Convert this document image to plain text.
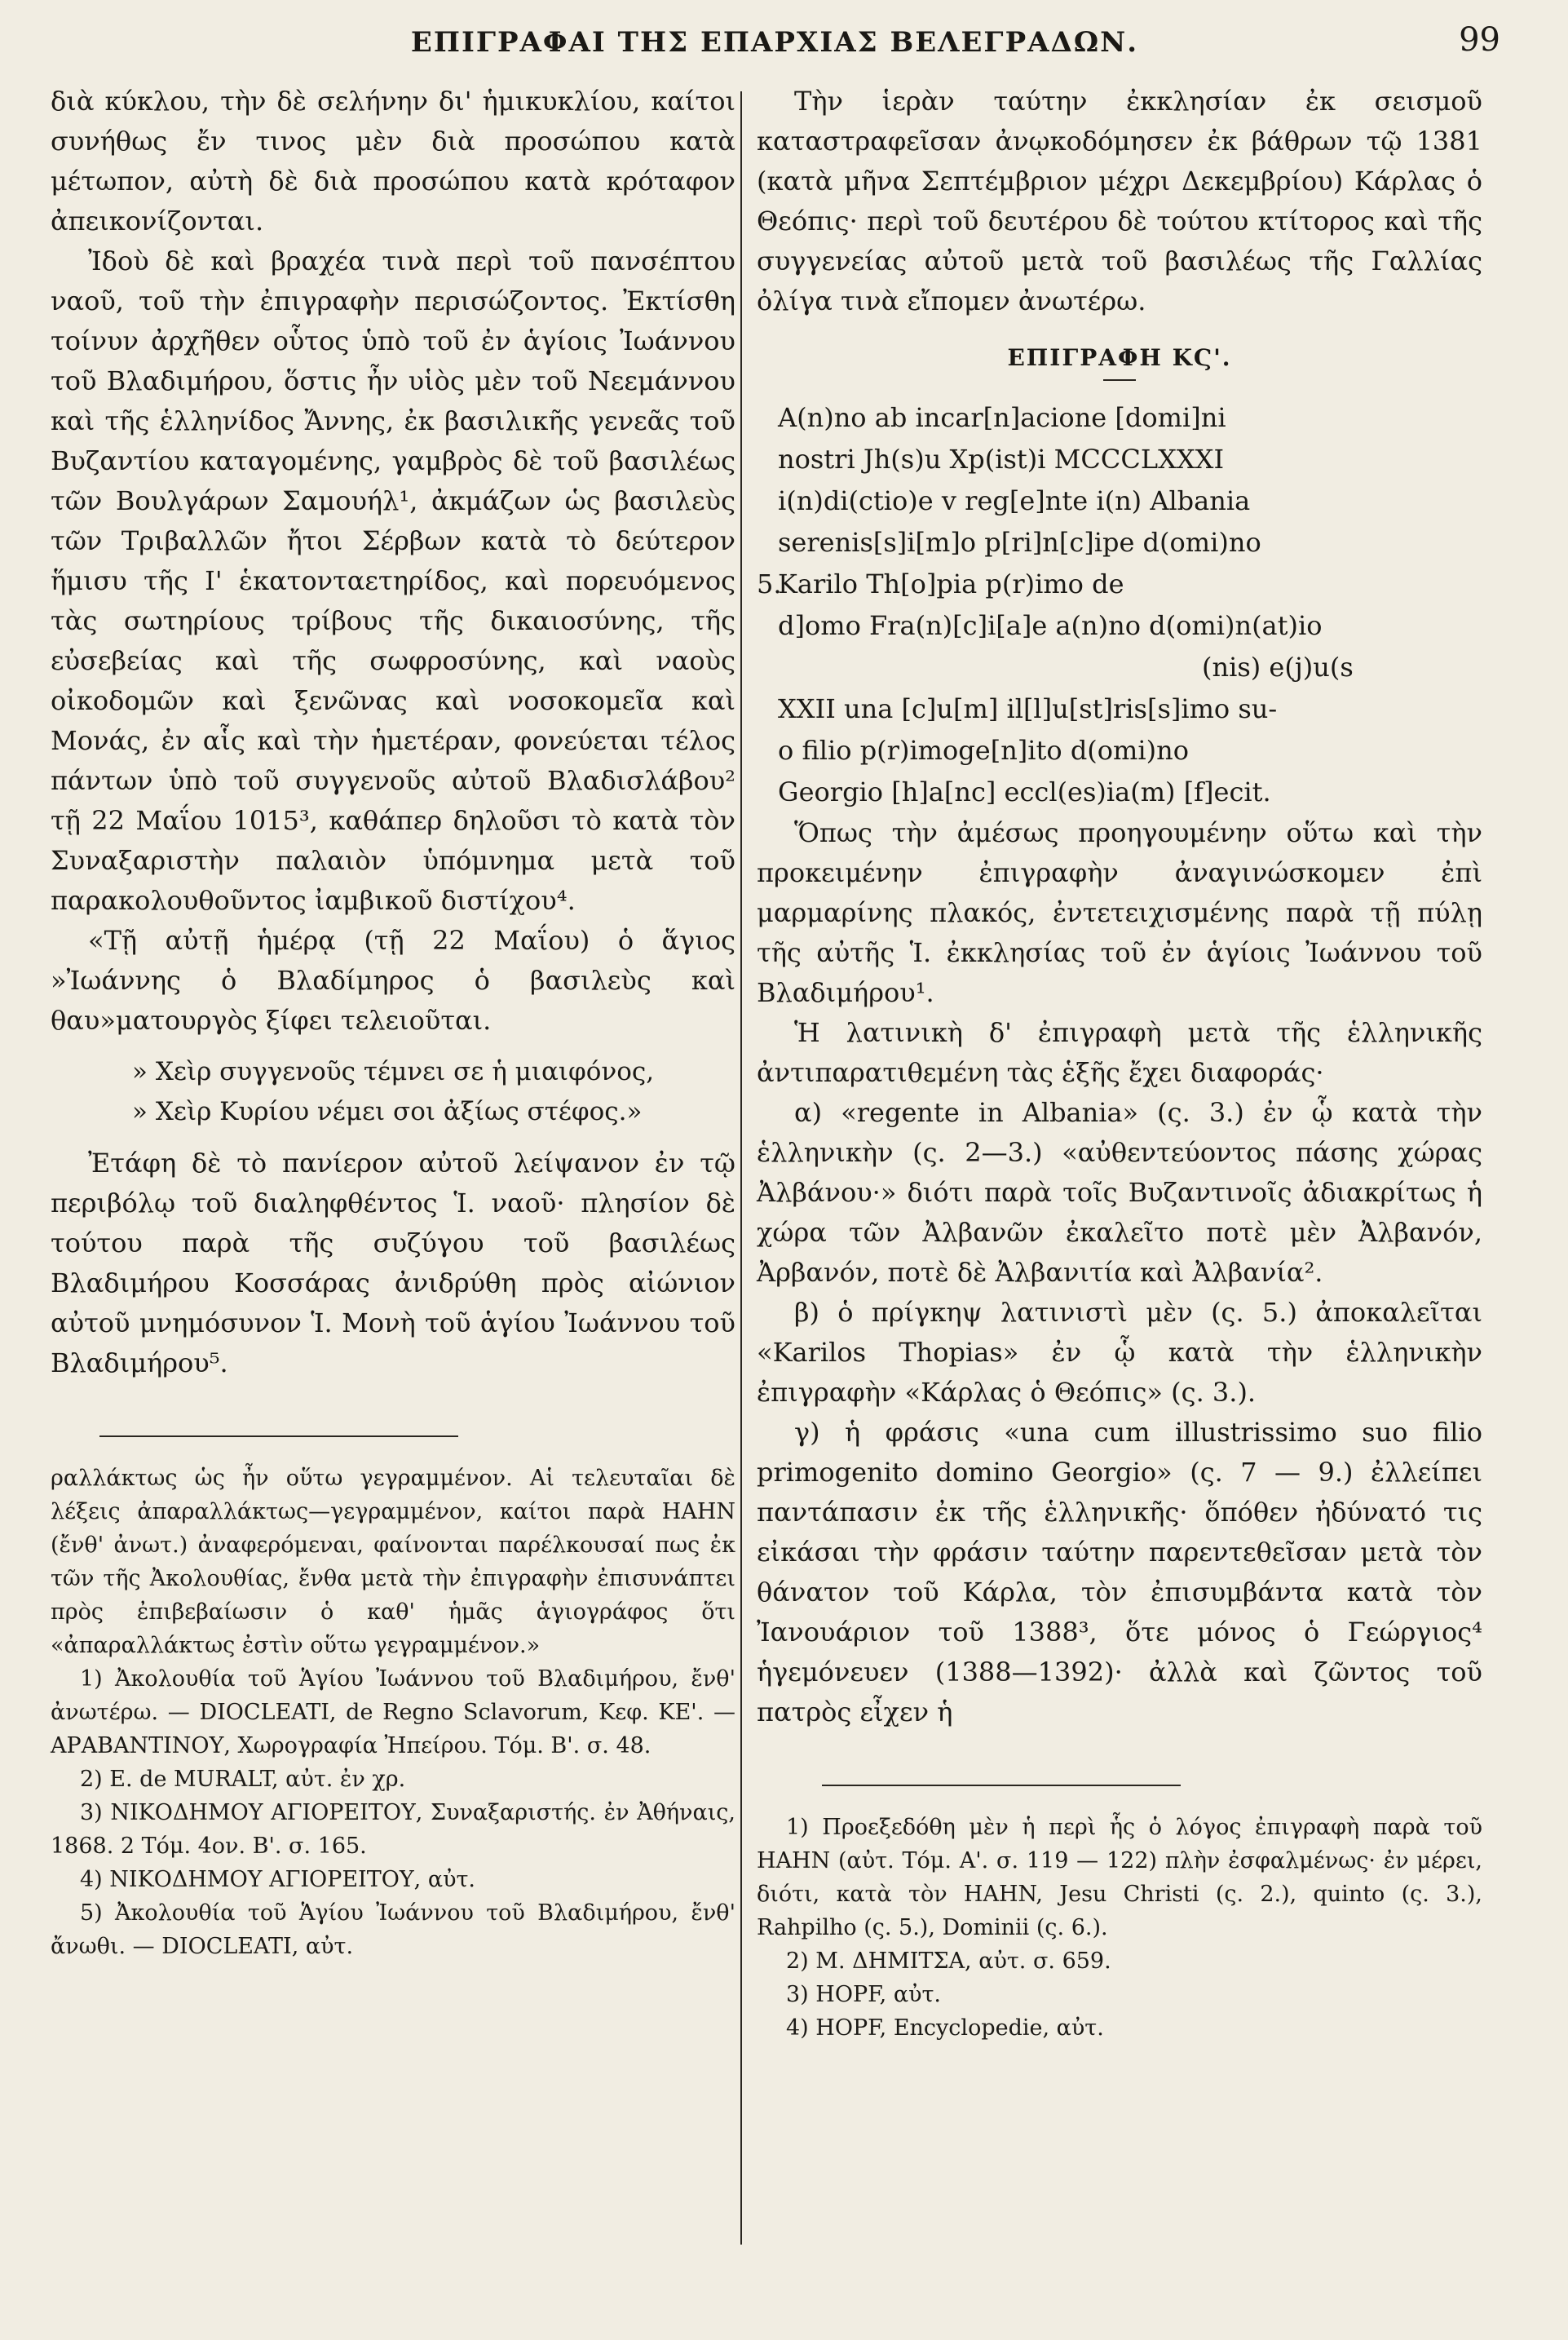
ΕΠΙΓΡΑΦΑΙ ΤΗΣ ΕΠΑΡΧΙΑΣ ΒΕΛΕΓΡΑΔΩΝ.	99

διὰ κύκλου, τὴν δὲ σελήνην δι' ἡμικυκλίου, καίτοι συνήθως ἔν τινος μὲν διὰ προσώπου κατὰ μέτωπον, αὐτὴ δὲ διὰ προσώπου κατὰ κρόταφον ἀπεικονίζονται.

Ἰδοὺ δὲ καὶ βραχέα τινὰ περὶ τοῦ πανσέπτου ναοῦ, τοῦ τὴν ἐπιγραφὴν περισώζοντος. Ἐκτίσθη τοίνυν ἀρχῆθεν οὗτος ὑπὸ τοῦ ἐν ἁγίοις Ἰωάννου τοῦ Βλαδιμήρου, ὅστις ἦν υἱὸς μὲν τοῦ Νεεμάννου καὶ τῆς ἑλληνίδος Ἄννης, ἐκ βασιλικῆς γενεᾶς τοῦ Βυζαντίου καταγομένης, γαμβρὸς δὲ τοῦ βασιλέως τῶν Βουλγάρων Σαμουήλ¹, ἀκμάζων ὡς βασιλεὺς τῶν Τριβαλλῶν ἤτοι Σέρβων κατὰ τὸ δεύτερον ἥμισυ τῆς Ι' ἑκατονταετηρίδος, καὶ πορευόμενος τὰς σωτηρίους τρίβους τῆς δικαιοσύνης, τῆς εὐσεβείας καὶ τῆς σωφροσύνης, καὶ ναοὺς οἰκοδομῶν καὶ ξενῶνας καὶ νοσοκομεῖα καὶ Μονάς, ἐν αἷς καὶ τὴν ἡμετέραν, φονεύεται τέλος πάντων ὑπὸ τοῦ συγγενοῦς αὐτοῦ Βλαδισλάβου² τῇ 22 Μαΐου 1015³, καθάπερ δηλοῦσι τὸ κατὰ τὸν Συναξαριστὴν παλαιὸν ὑπόμνημα μετὰ τοῦ παρακολουθοῦντος ἰαμβικοῦ διστίχου⁴.

«Τῇ αὐτῇ ἡμέρᾳ (τῇ 22 Μαΐου) ὁ ἅγιος »Ἰωάννης ὁ Βλαδίμηρος ὁ βασιλεὺς καὶ θαυ»ματουργὸς ξίφει τελειοῦται.

» Χεὶρ συγγενοῦς τέμνει σε ἡ μιαιφόνος,

» Χεὶρ Κυρίου νέμει σοι ἀξίως στέφος.»

Ἐτάφη δὲ τὸ πανίερον αὐτοῦ λείψανον ἐν τῷ περιβόλῳ τοῦ διαληφθέντος Ἱ. ναοῦ· πλησίον δὲ τούτου παρὰ τῆς συζύγου τοῦ βασιλέως Βλαδιμήρου Κοσσάρας ἀνιδρύθη πρὸς αἰώνιον αὐτοῦ μνημόσυνον Ἱ. Μονὴ τοῦ ἁγίου Ἰωάννου τοῦ Βλαδιμήρου⁵.

ραλλάκτως ὡς ἦν οὕτω γεγραμμένον. Αἱ τελευταῖαι δὲ λέξεις ἀπαραλλάκτως—γεγραμμένον, καίτοι παρὰ ΗΑΗΝ (ἔνθ' ἀνωτ.) ἀναφερόμεναι, φαίνονται παρέλκουσαί πως ἐκ τῶν τῆς Ἀκολουθίας, ἔνθα μετὰ τὴν ἐπιγραφὴν ἐπισυνάπτει πρὸς ἐπιβεβαίωσιν ὁ καθ' ἡμᾶς ἁγιογράφος ὅτι «ἀπαραλλάκτως ἐστὶν οὕτω γεγραμμένον.»

1) Ἀκολουθία τοῦ Ἁγίου Ἰωάννου τοῦ Βλαδιμήρου, ἔνθ' ἀνωτέρω. — DIOCLEATI, de Regno Sclavorum, Κεφ. ΚΕ'. — ΑΡΑΒΑΝΤΙΝΟΥ, Χωρογραφία Ἠπείρου. Τόμ. Β'. σ. 48.

2) E. de MURALT, αὐτ. ἐν χρ.

3) ΝΙΚΟΔΗΜΟΥ ΑΓΙΟΡΕΙΤΟΥ, Συναξαριστής. ἐν Ἀθήναις, 1868. 2 Τόμ. 4ον. Β'. σ. 165.

4) ΝΙΚΟΔΗΜΟΥ ΑΓΙΟΡΕΙΤΟΥ, αὐτ.

5) Ἀκολουθία τοῦ Ἁγίου Ἰωάννου τοῦ Βλαδιμήρου, ἔνθ' ἄνωθι. — DIOCLEATI, αὐτ.

Τὴν ἱερὰν ταύτην ἐκκλησίαν ἐκ σεισμοῦ καταστραφεῖσαν ἀνῳκοδόμησεν ἐκ βάθρων τῷ 1381 (κατὰ μῆνα Σεπτέμβριον μέχρι Δεκεμβρίου) Κάρλας ὁ Θεόπις· περὶ τοῦ δευτέρου δὲ τούτου κτίτορος καὶ τῆς συγγενείας αὐτοῦ μετὰ τοῦ βασιλέως τῆς Γαλλίας ὀλίγα τινὰ εἴπομεν ἀνωτέρω.

ΕΠΙΓΡΑΦΗ ΚϚ'.
A(n)no ab incar[n]acione [domi]ni
nostri Jh(s)u Xp(ist)i MCCCLXXXI
i(n)di(ctio)e v reg[e]nte i(n) Albania
serenis[s]i[m]o p[ri]n[c]ipe d(omi)no
5.Karilo Th[o]pia p(r)imo de
d]omo Fra(n)[c]i[a]e a(n)no d(omi)n(at)io
(nis) e(j)u(s
XXII una [c]u[m] il[l]u[st]ris[s]imo su-
o filio p(r)imoge[n]ito d(omi)no
Georgio [h]a[nc] eccl(es)ia(m) [f]ecit.

Ὅπως τὴν ἀμέσως προηγουμένην οὕτω καὶ τὴν προκειμένην ἐπιγραφὴν ἀναγινώσκομεν ἐπὶ μαρμαρίνης πλακός, ἐντετειχισμένης παρὰ τῇ πύλῃ τῆς αὐτῆς Ἱ. ἐκκλησίας τοῦ ἐν ἁγίοις Ἰωάννου τοῦ Βλαδιμήρου¹.

Ἡ λατινικὴ δ' ἐπιγραφὴ μετὰ τῆς ἑλληνικῆς ἀντιπαρατιθεμένη τὰς ἑξῆς ἔχει διαφοράς·

α) «regente in Albania» (ς. 3.) ἐν ᾧ κατὰ τὴν ἑλληνικὴν (ς. 2—3.) «αὐθεντεύοντος πάσης χώρας Ἀλβάνου·» διότι παρὰ τοῖς Βυζαντινοῖς ἀδιακρίτως ἡ χώρα τῶν Ἀλβανῶν ἐκαλεῖτο ποτὲ μὲν Ἀλβανόν, Ἀρβανόν, ποτὲ δὲ Ἀλβανιτία καὶ Ἀλβανία².

β) ὁ πρίγκηψ λατινιστὶ μὲν (ς. 5.) ἀποκαλεῖται «Karilos Thopias» ἐν ᾧ κατὰ τὴν ἑλληνικὴν ἐπιγραφὴν «Κάρλας ὁ Θεόπις» (ς. 3.).

γ) ἡ φράσις «una cum illustrissimo suo filio primogenito domino Georgio» (ς. 7 — 9.) ἐλλείπει παντάπασιν ἐκ τῆς ἑλληνικῆς· ὅπόθεν ἠδύνατό τις εἰκάσαι τὴν φράσιν ταύτην παρεντεθεῖσαν μετὰ τὸν θάνατον τοῦ Κάρλα, τὸν ἐπισυμβάντα κατὰ τὸν Ἰανουάριον τοῦ 1388³, ὅτε μόνος ὁ Γεώργιος⁴ ἡγεμόνευεν (1388—1392)· ἀλλὰ καὶ ζῶντος τοῦ πατρὸς εἶχεν ἡ

1) Προεξεδόθη μὲν ἡ περὶ ἧς ὁ λόγος ἐπιγραφὴ παρὰ τοῦ HAHN (αὐτ. Τόμ. Α'. σ. 119 — 122) πλὴν ἐσφαλμένως· ἐν μέρει, διότι, κατὰ τὸν HAHN, Jesu Christi (ς. 2.), quinto (ς. 3.), Rahpilho (ς. 5.), Dominii (ς. 6.).

2) Μ. ΔΗΜΙΤΣΑ, αὐτ. σ. 659.

3) HOPF, αὐτ.

4) HOPF, Encyclopedie, αὐτ.
